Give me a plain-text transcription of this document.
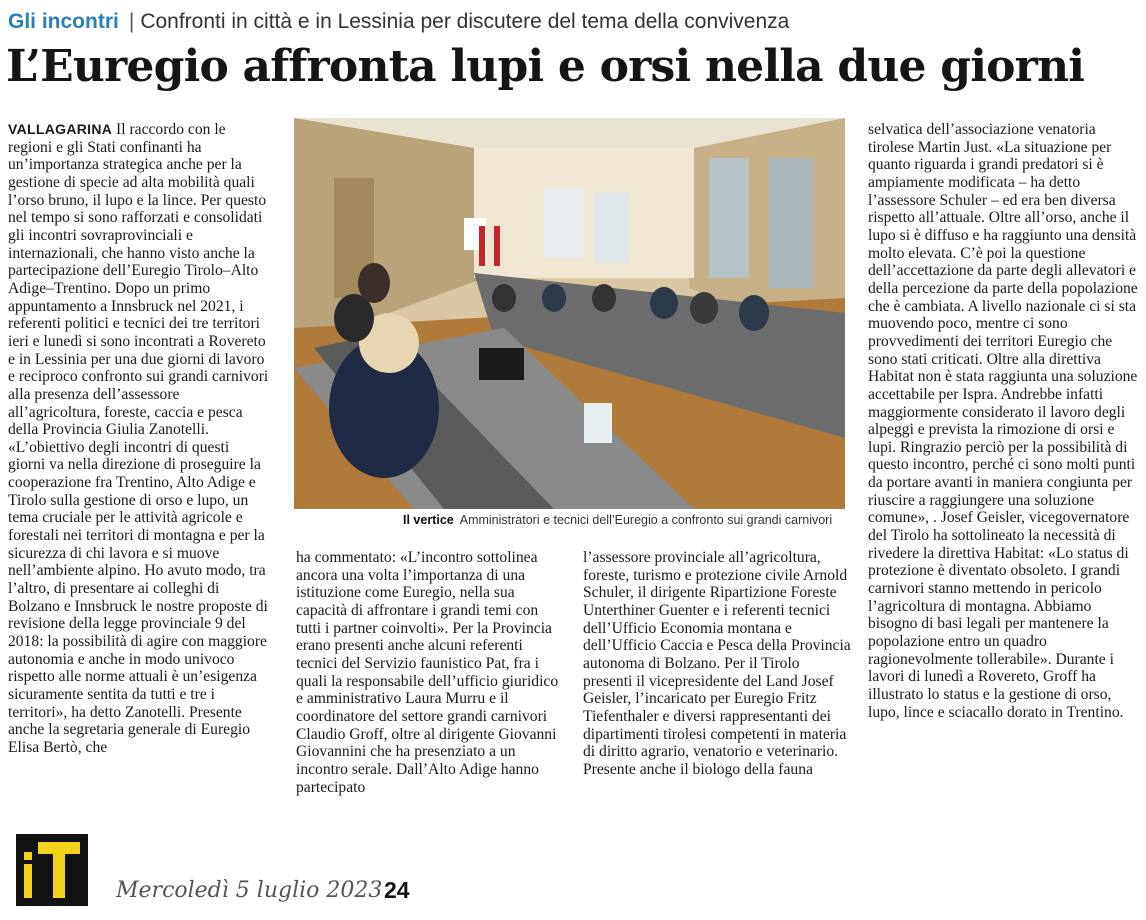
Gli incontri | Confronti in città e in Lessinia per discutere del tema della convivenza
L’Euregio affronta lupi e orsi nella due giorni

VALLAGARINA Il raccordo con le regioni e gli Stati confinanti ha un’importanza strategica anche per la gestione di specie ad alta mobilità quali l’orso bruno, il lupo e la lince. Per questo nel tempo si sono rafforzati e consolidati gli incontri sovraprovinciali e internazionali, che hanno visto anche la partecipazione dell’Euregio Tirolo–Alto Adige–Trentino. Dopo un primo appuntamento a Innsbruck nel 2021, i referenti politici e tecnici dei tre territori ieri e lunedì si sono incontrati a Rovereto e in Lessinia per una due giorni di lavoro e reciproco confronto sui grandi carnivori alla presenza dell’assessore all’agricoltura, foreste, caccia e pesca della Provincia Giulia Zanotelli. «L’obiettivo degli incontri di questi giorni va nella direzione di proseguire la cooperazione fra Trentino, Alto Adige e Tirolo sulla gestione di orso e lupo, un tema cruciale per le attività agricole e forestali nei territori di montagna e per la sicurezza di chi lavora e si muove nell’ambiente alpino. Ho avuto modo, tra l’altro, di presentare ai colleghi di Bolzano e Innsbruck le nostre proposte di revisione della legge provinciale 9 del 2018: la possibilità di agire con maggiore autonomia e anche in modo univoco rispetto alle norme attuali è un’esigenza sicuramente sentita da tutti e tre i territori», ha detto Zanotelli. Presente anche la segretaria generale di Euregio Elisa Bertò, che

Il vertice Amministratori e tecnici dell’Euregio a confronto sui grandi carnivori

ha commentato: «L’incontro sottolinea ancora una volta l’importanza di una istituzione come Euregio, nella sua capacità di affrontare i grandi temi con tutti i partner coinvolti». Per la Provincia erano presenti anche alcuni referenti tecnici del Servizio faunistico Pat, fra i quali la responsabile dell’ufficio giuridico e amministrativo Laura Murru e il coordinatore del settore grandi carnivori Claudio Groff, oltre al dirigente Giovanni Giovannini che ha presenziato a un incontro serale. Dall’Alto Adige hanno partecipato

l’assessore provinciale all’agricoltura, foreste, turismo e protezione civile Arnold Schuler, il dirigente Ripartizione Foreste Unterthiner Guenter e i referenti tecnici dell’Ufficio Economia montana e dell’Ufficio Caccia e Pesca della Provincia autonoma di Bolzano. Per il Tirolo presenti il vicepresidente del Land Josef Geisler, l’incaricato per Euregio Fritz Tiefenthaler e diversi rappresentanti dei dipartimenti tirolesi competenti in materia di diritto agrario, venatorio e veterinario. Presente anche il biologo della fauna

selvatica dell’associazione venatoria tirolese Martin Just. «La situazione per quanto riguarda i grandi predatori si è ampiamente modificata – ha detto l’assessore Schuler – ed era ben diversa rispetto all’attuale. Oltre all’orso, anche il lupo si è diffuso e ha raggiunto una densità molto elevata. C’è poi la questione dell’accettazione da parte degli allevatori e della percezione da parte della popolazione che è cambiata. A livello nazionale ci si sta muovendo poco, mentre ci sono provvedimenti dei territori Euregio che sono stati criticati. Oltre alla direttiva Habitat non è stata raggiunta una soluzione accettabile per Ispra. Andrebbe infatti maggiormente considerato il lavoro degli alpeggi e prevista la rimozione di orsi e lupi. Ringrazio perciò per la possibilità di questo incontro, perché ci sono molti punti da portare avanti in maniera congiunta per riuscire a raggiungere una soluzione comune», . Josef Geisler, vicegovernatore del Tirolo ha sottolineato la necessità di rivedere la direttiva Habitat: «Lo status di protezione è diventato obsoleto. I grandi carnivori stanno mettendo in pericolo l’agricoltura di montagna. Abbiamo bisogno di basi legali per mantenere la popolazione entro un quadro ragionevolmente tollerabile». Durante i lavori di lunedì a Rovereto, Groff ha illustrato lo status e la gestione di orso, lupo, lince e sciacallo dorato in Trentino.

Mercoledì 5 luglio 2023 24
